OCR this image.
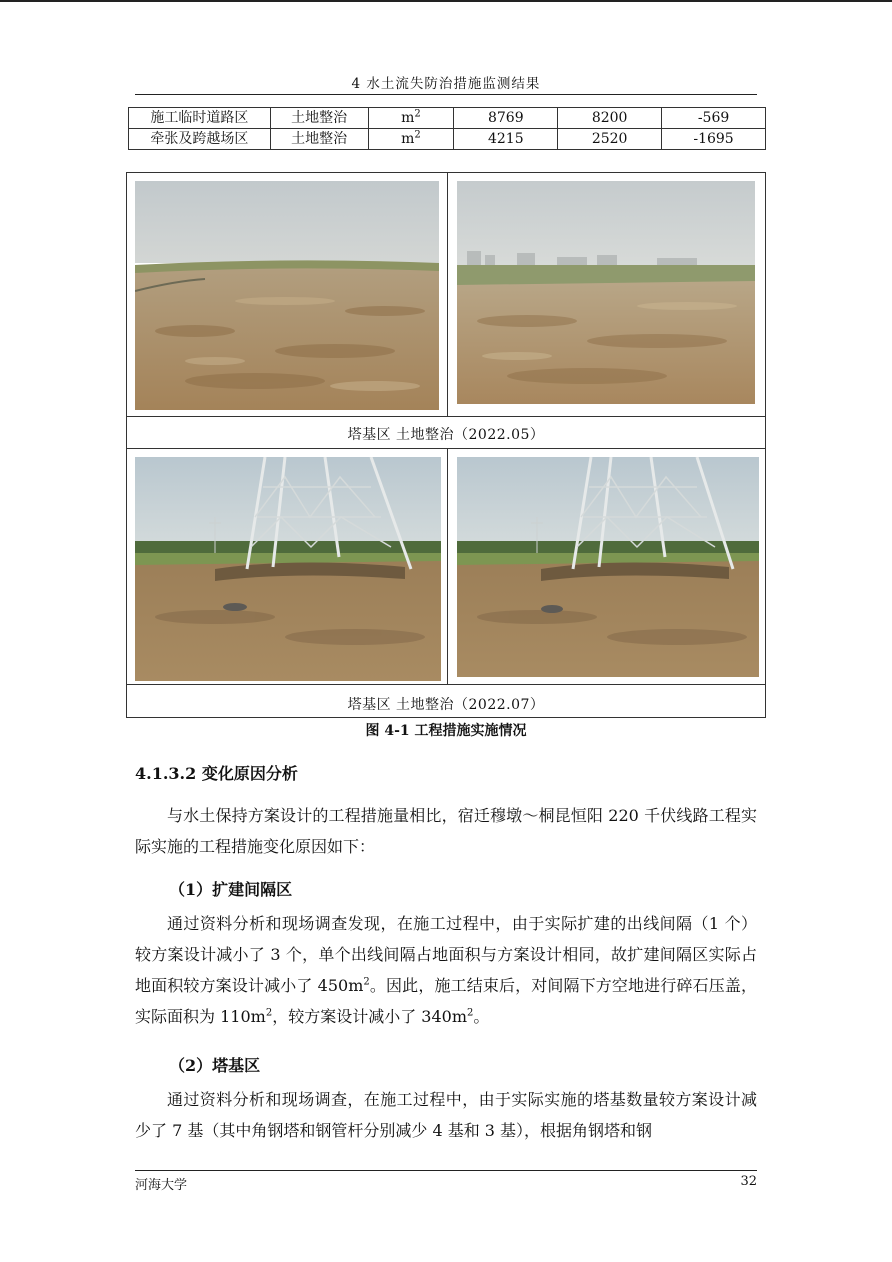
4 水土流失防治措施监测结果
施工临时道路区	土地整治	$m^2$	8769	8200	-569
牵张及跨越场区	土地整治	$m^2$	4215	2520	-1695
塔基区 土地整治（2022.05）
塔基区 土地整治（2022.07）
图 4-1 工程措施实施情况
4.1.3.2 变化原因分析

与水土保持方案设计的工程措施量相比，宿迁穆墩～桐昆恒阳 220 千伏线路工程实际实施的工程措施变化原因如下：

（1）扩建间隔区

通过资料分析和现场调查发现，在施工过程中，由于实际扩建的出线间隔（1 个）较方案设计减小了 3 个，单个出线间隔占地面积与方案设计相同，故扩建间隔区实际占地面积较方案设计减小了 $450m^2$。因此，施工结束后，对间隔下方空地进行碎石压盖，实际面积为 $110m^2$，较方案设计减小了 $340m^2$。

（2）塔基区

通过资料分析和现场调查，在施工过程中，由于实际实施的塔基数量较方案设计减少了 7 基（其中角钢塔和钢管杆分别减少 4 基和 3 基），根据角钢塔和钢

河海大学	32
